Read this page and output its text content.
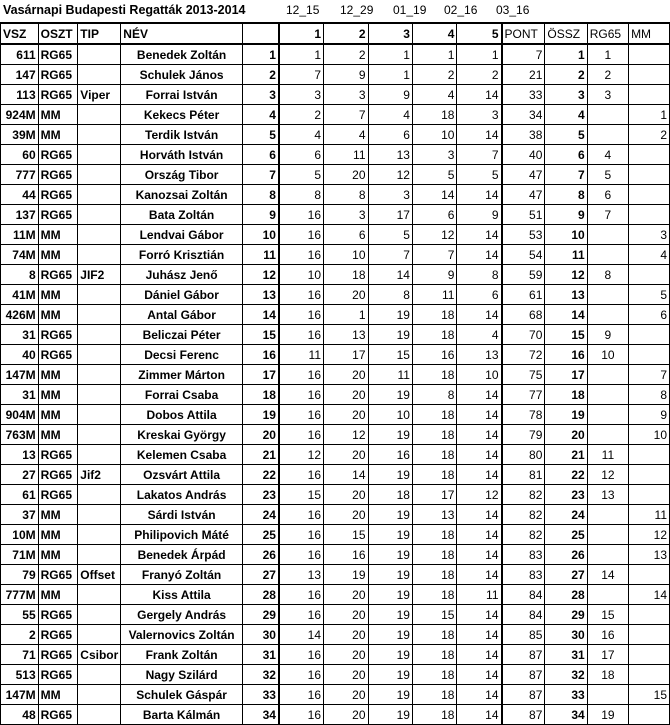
Vasárnapi Budapesti Regatták 2013-2014	12_15 12_29 01_19 02_16 03_16
VSZ	OSZT	TIP	NÉV		1	2	3	4	5	PONT	ÖSSZ	RG65	MM
611	RG65		Benedek Zoltán	1	1	2	1	1	1	7	1	1	
147	RG65		Schulek János	2	7	9	1	2	2	21	2	2	
113	RG65	Viper	Forrai István	3	3	3	9	4	14	33	3	3	
924M	MM		Kekecs Péter	4	2	7	4	18	3	34	4		1
39M	MM		Terdik István	5	4	4	6	10	14	38	5		2
60	RG65		Horváth István	6	6	11	13	3	7	40	6	4	
777	RG65		Ország Tibor	7	5	20	12	5	5	47	7	5	
44	RG65		Kanozsai Zoltán	8	8	8	3	14	14	47	8	6	
137	RG65		Bata Zoltán	9	16	3	17	6	9	51	9	7	
11M	MM		Lendvai Gábor	10	16	6	5	12	14	53	10		3
74M	MM		Forró Krisztián	11	16	10	7	7	14	54	11		4
8	RG65	JIF2	Juhász Jenő	12	10	18	14	9	8	59	12	8	
41M	MM		Dániel Gábor	13	16	20	8	11	6	61	13		5
426M	MM		Antal Gábor	14	16	1	19	18	14	68	14		6
31	RG65		Beliczai Péter	15	16	13	19	18	4	70	15	9	
40	RG65		Decsi Ferenc	16	11	17	15	16	13	72	16	10	
147M	MM		Zimmer Márton	17	16	20	11	18	10	75	17		7
31	MM		Forrai Csaba	18	16	20	19	8	14	77	18		8
904M	MM		Dobos Attila	19	16	20	10	18	14	78	19		9
763M	MM		Kreskai György	20	16	12	19	18	14	79	20		10
13	RG65		Kelemen Csaba	21	12	20	16	18	14	80	21	11	
27	RG65	Jif2	Ozsvárt Attila	22	16	14	19	18	14	81	22	12	
61	RG65		Lakatos András	23	15	20	18	17	12	82	23	13	
37	MM		Sárdi István	24	16	20	19	13	14	82	24		11
10M	MM		Philipovich Máté	25	16	15	19	18	14	82	25		12
71M	MM		Benedek Árpád	26	16	16	19	18	14	83	26		13
79	RG65	Offset	Franyó Zoltán	27	13	19	19	18	14	83	27	14	
777M	MM		Kiss Attila	28	16	20	19	18	11	84	28		14
55	RG65		Gergely András	29	16	20	19	15	14	84	29	15	
2	RG65		Valernovics Zoltán	30	14	20	19	18	14	85	30	16	
71	RG65	Csibor	Frank Zoltán	31	16	20	19	18	14	87	31	17	
513	RG65		Nagy Szilárd	32	16	20	19	18	14	87	32	18	
147M	MM		Schulek Gáspár	33	16	20	19	18	14	87	33		15
48	RG65		Barta Kálmán	34	16	20	19	18	14	87	34	19	
